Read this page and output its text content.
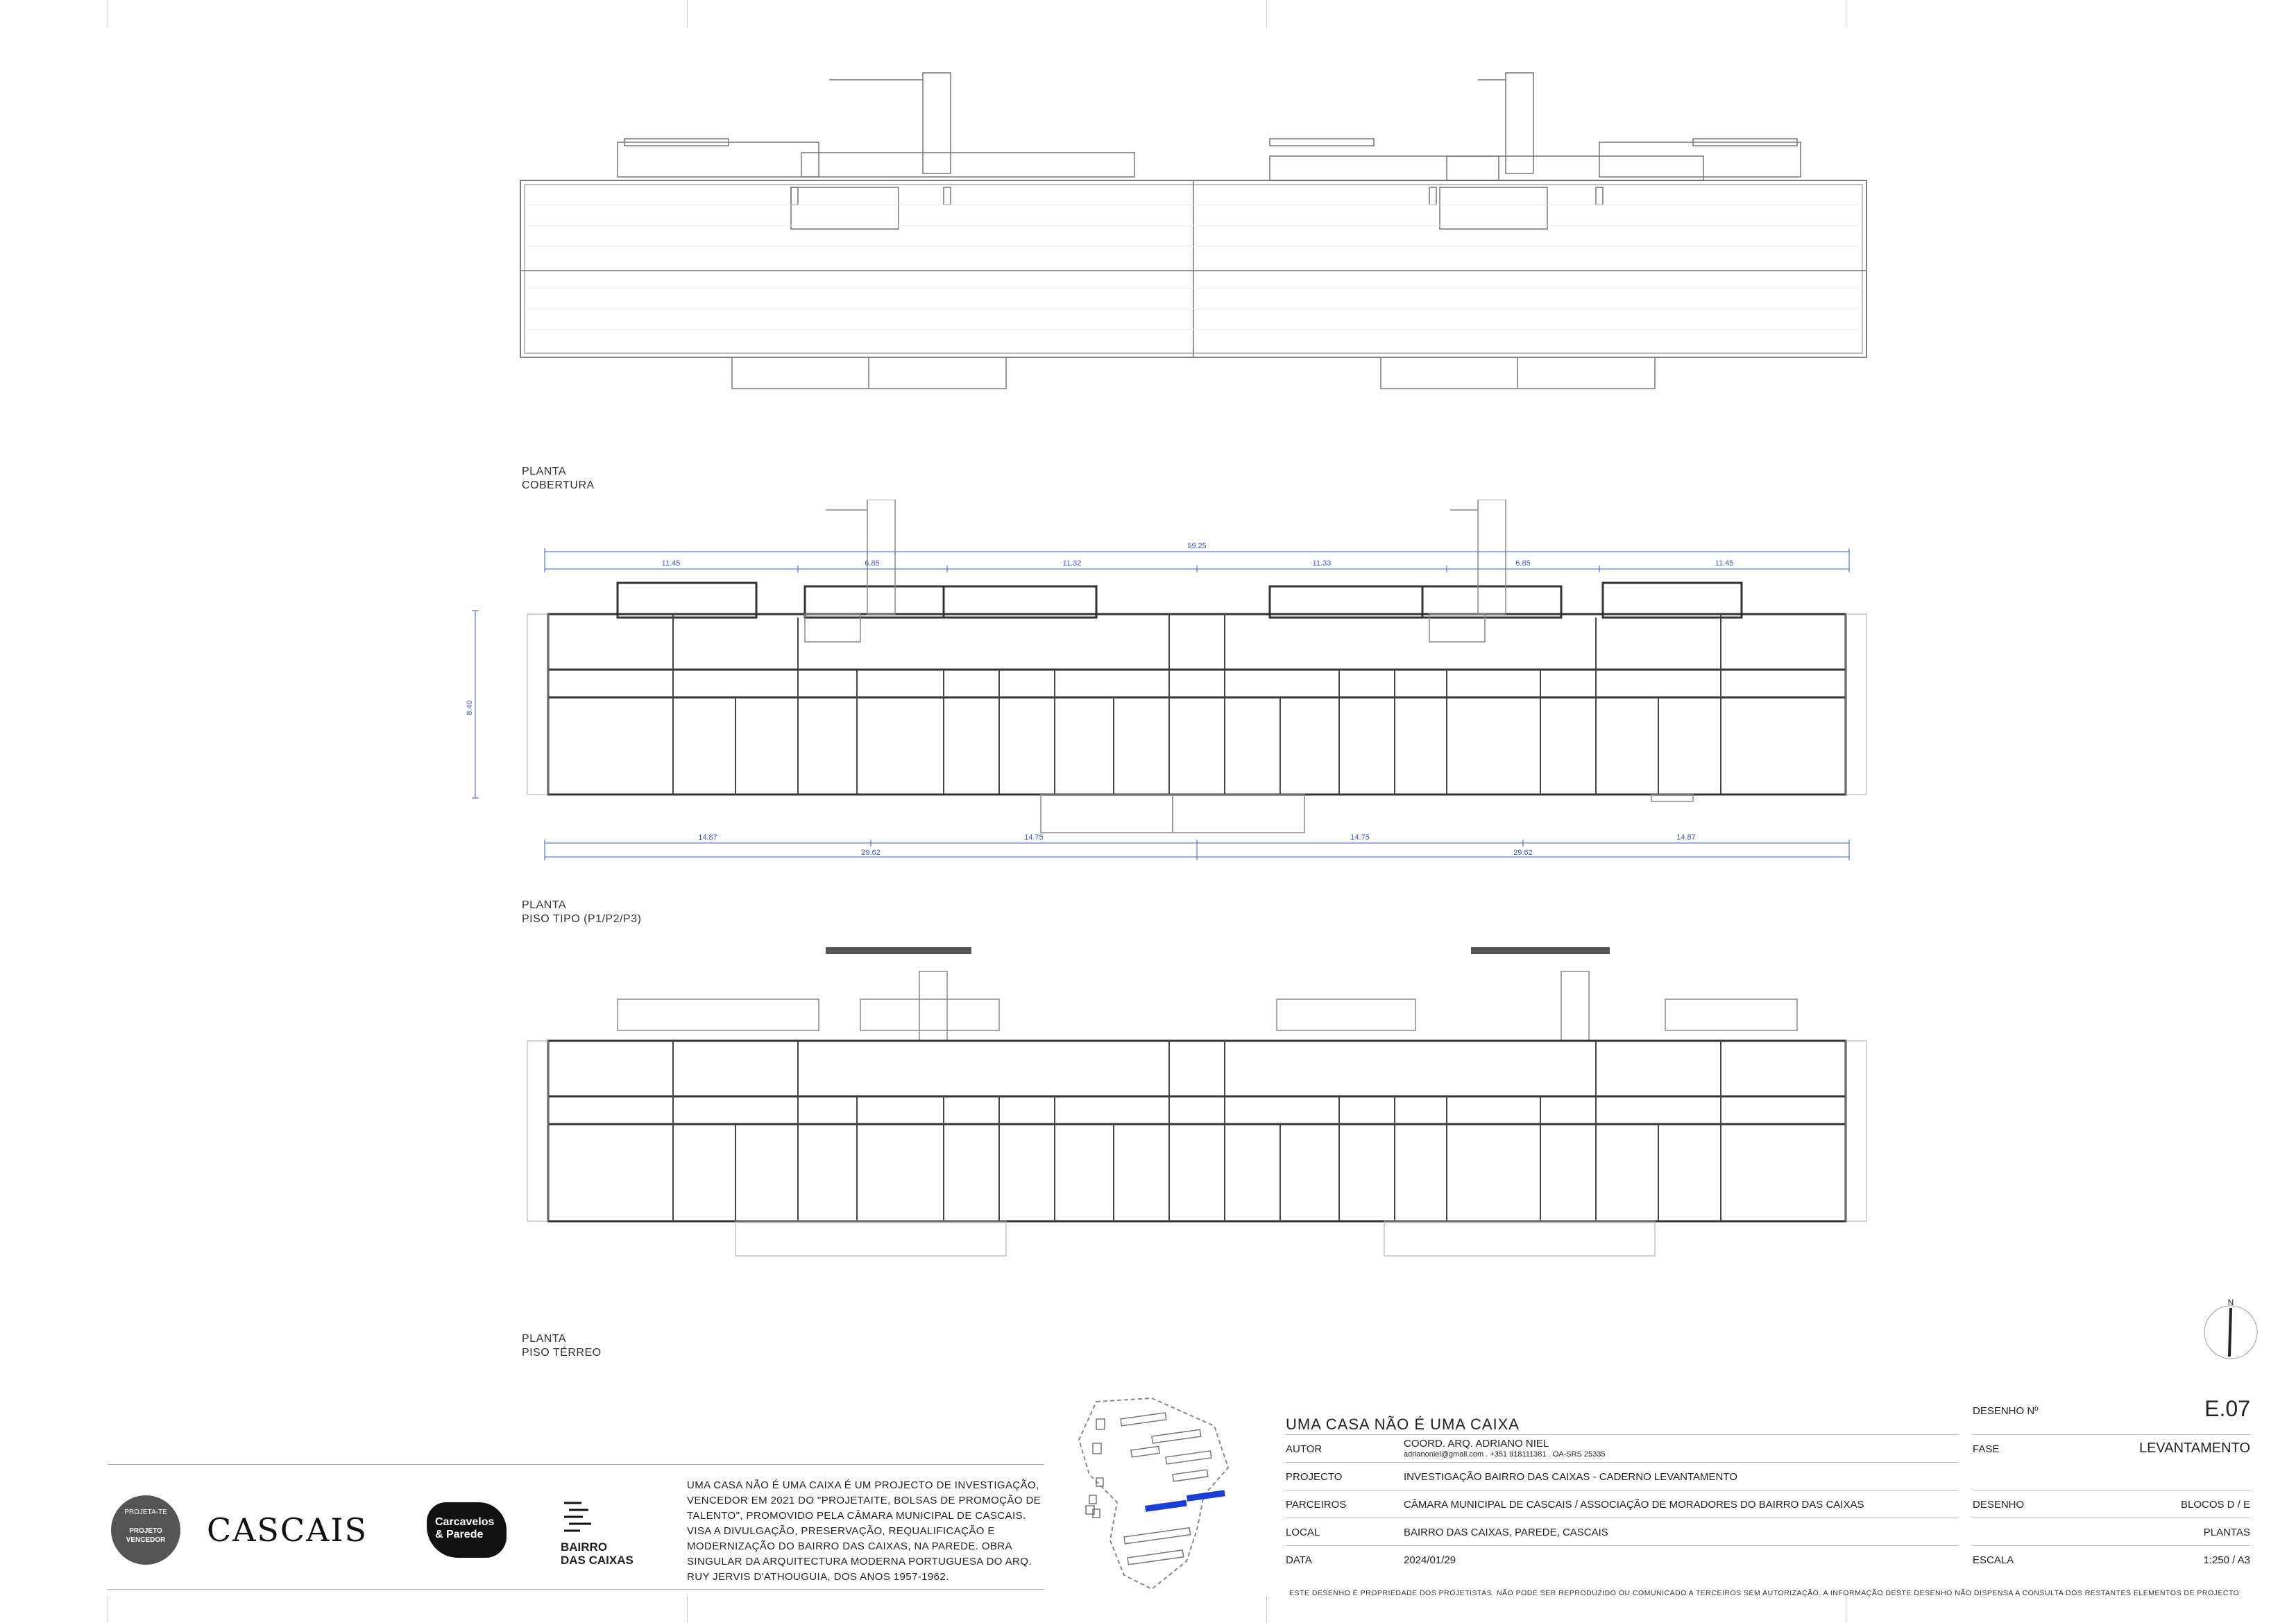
PLANTA
COBERTURA
59.25
11.45	6.85	11.32	11.33	6.85	11.45
8.40
14.87	14.75	14.75	14.87
29.62	29.62
PLANTA
PISO TIPO (P1/P2/P3)
PLANTA
PISO TÉRREO
N
PROJETA-TE
PROJETO
VENCEDOR	CASCAIS	Carcavelos
& Parede
BAIRRO
DAS CAIXAS
UMA CASA NÃO É UMA CAIXA É UM PROJECTO DE INVESTIGAÇÃO,
VENCEDOR EM 2021 DO "PROJETAITE, BOLSAS DE PROMOÇÃO DE
TALENTO", PROMOVIDO PELA CÂMARA MUNICIPAL DE CASCAIS.
VISA A DIVULGAÇÃO, PRESERVAÇÃO, REQUALIFICAÇÃO E
MODERNIZAÇÃO DO BAIRRO DAS CAIXAS, NA PAREDE. OBRA
SINGULAR DA ARQUITECTURA MODERNA PORTUGUESA DO ARQ.
RUY JERVIS D'ATHOUGUIA, DOS ANOS 1957-1962.
UMA CASA NÃO É UMA CAIXA
AUTOR	COORD. ARQ. ADRIANO NIEL
adrianoniel@gmail.com . +351 918111381 . OA-SRS 25335
PROJECTO	INVESTIGAÇÃO BAIRRO DAS CAIXAS - CADERNO LEVANTAMENTO
PARCEIROS	CÂMARA MUNICIPAL DE CASCAIS / ASSOCIAÇÃO DE MORADORES DO BAIRRO DAS CAIXAS
LOCAL	BAIRRO DAS CAIXAS, PAREDE, CASCAIS
DATA	2024/01/29
DESENHO Nº	E.07
FASE	LEVANTAMENTO
DESENHO	BLOCOS D / E
PLANTAS
ESCALA	1:250 / A3
ESTE DESENHO É PROPRIEDADE DOS PROJETISTAS. NÃO PODE SER REPRODUZIDO OU COMUNICADO A TERCEIROS SEM AUTORIZAÇÃO. A INFORMAÇÃO DESTE DESENHO NÃO DISPENSA A CONSULTA DOS RESTANTES ELEMENTOS DE PROJECTO
